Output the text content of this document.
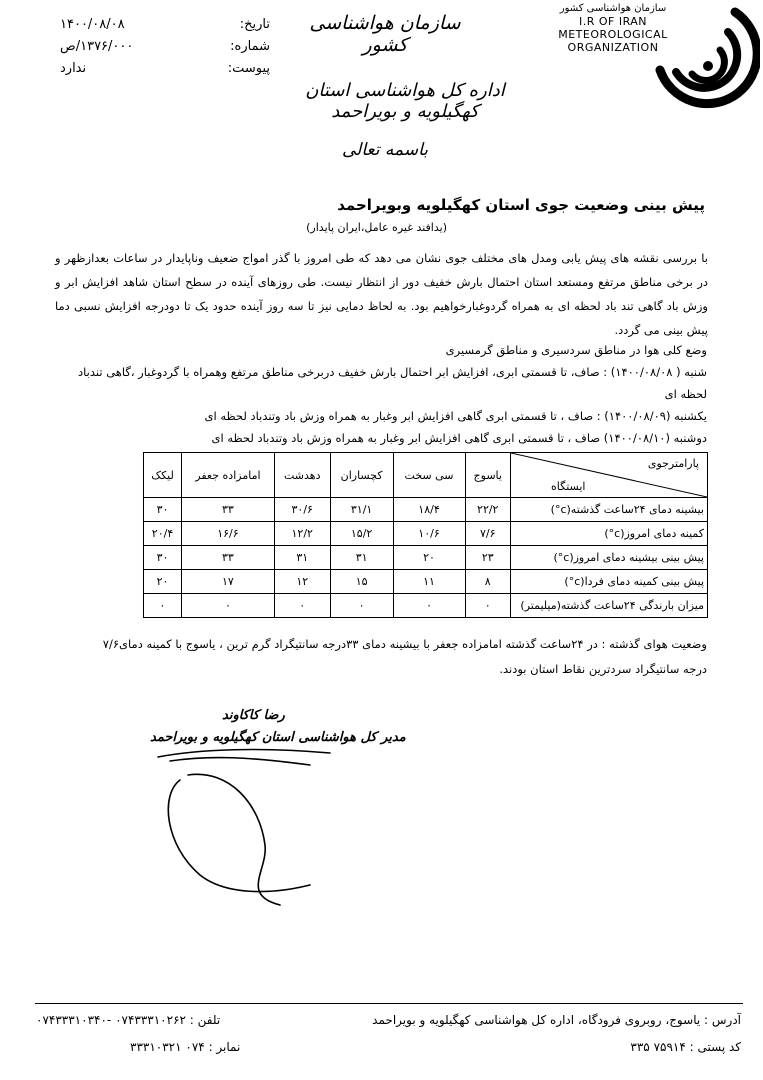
سازمان هواشناسی کشور
I.R OF IRAN
METEOROLOGICAL
ORGANIZATION
سازمان هواشناسی کشور
اداره کل هواشناسی استان کهگیلویه و بویراحمد
باسمه تعالی
تاریخ:
۱۴۰۰/۰۸/۰۸
شماره:
۱۳۷۶/۰۰۰/ص
پیوست:
ندارد
پیش بینی وضعیت جوی استان کهگیلویه وبویراحمد
(یدافند غیره عامل،ایران پایدار)
با بررسی نقشه های پیش یابی ومدل های مختلف جوی نشان می دهد که طی امروز با گذر امواج ضعیف وناپایدار در ساعات بعدازظهر و در برخی مناطق مرتفع ومستعد استان احتمال بارش خفیف دور از انتظار نیست. طی روزهای آینده در سطح استان شاهد افزایش ابر و وزش باد گاهی تند باد لحظه ای به همراه گردوغبارخواهیم بود. به لحاظ دمایی نیز تا سه روز آینده حدود یک تا دودرجه افزایش نسبی دما پیش بینی می گردد.
وضع کلی هوا در مناطق سردسیری و مناطق گرمسیری
شنبه ( ۱۴۰۰/۰۸/۰۸) : صاف، تا قسمتی ابری، افزایش ابر احتمال بارش خفیف دربرخی مناطق مرتفع وهمراه با گردوغبار ،گاهی تندباد
لحظه ای
یکشنبه (۱۴۰۰/۰۸/۰۹) : صاف ، تا قسمتی ابری گاهی افزایش ابر وغبار به همراه وزش باد وتندباد لحظه ای
دوشنبه (۱۴۰۰/۰۸/۱۰) صاف ، تا قسمتی ابری گاهی افزایش ابر وغبار به همراه وزش باد وتندباد لحظه ای
پارامترجوی
ایستگاه	یاسوج	سی سخت	کچساران	دهدشت	امامزاده جعفر	لیکک
بیشینه دمای ۲۴ساعت گذشته(c°)	۲۲/۲	۱۸/۴	۳۱/۱	۳۰/۶	۳۳	۳۰
کمینه دمای امروز(c°)	۷/۶	۱۰/۶	۱۵/۲	۱۲/۲	۱۶/۶	۲۰/۴
پیش بینی بیشینه دمای امروز(c°)	۲۳	۲۰	۳۱	۳۱	۳۳	۳۰
پیش بینی کمینه دمای فردا(c°)	۸	۱۱	۱۵	۱۲	۱۷	۲۰
میزان بارندگی ۲۴ساعت گذشته(میلیمتر)	۰	۰	۰	۰	۰	۰
وضعیت هوای گذشته : در ۲۴ساعت گذشته امامزاده جعفر با بیشینه دمای ۳۳درجه سانتیگراد گرم ترین ، یاسوج با کمینه دمای۷/۶
درجه سانتیگراد سردترین نقاط استان بودند.
رضا کاکاوند
مدیر کل هواشناسی استان کهگیلویه و بویراحمد
آدرس : یاسوج، روبروی فرودگاه، اداره کل هواشناسی کهگیلویه و بویراحمد
کد پستی : ۷۵۹۱۴ ۳۳۵
تلفن : ۰۷۴۳۳۳۱۰۲۶۲ -۰۷۴۳۳۳۱۰۳۴۰
نمابر : ۰۷۴ ۳۳۳۱۰۳۲۱
